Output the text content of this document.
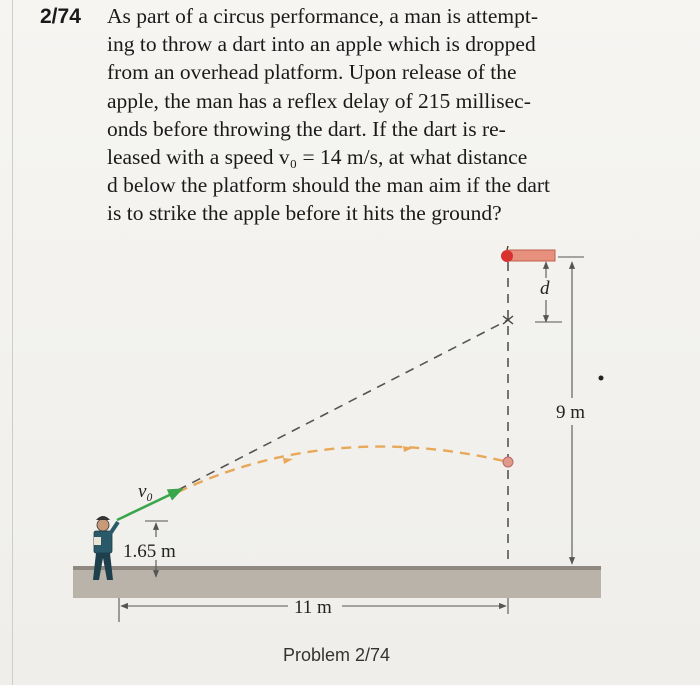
2/74 As part of a circus performance, a man is attempt-
ing to throw a dart into an apple which is dropped
from an overhead platform. Upon release of the
apple, the man has a reflex delay of 215 millisec-
onds before throwing the dart. If the dart is re-
leased with a speed v₀ = 14 m/s, at what distance
d below the platform should the man aim if the dart
is to strike the apple before it hits the ground?
d
9 m
v₀
1.65 m
11 m
Problem 2/74
